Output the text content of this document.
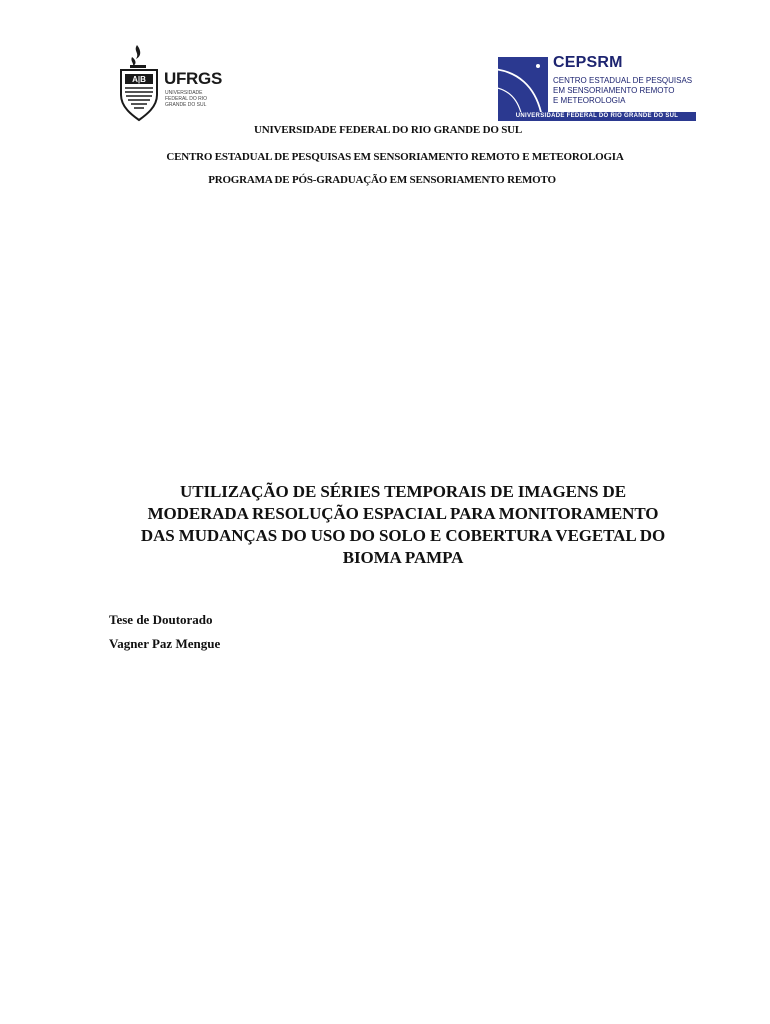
A|B UFRGS
UNIVERSIDADE FEDERAL DO RIO GRANDE DO SUL
CEPSRM
CENTRO ESTADUAL DE PESQUISAS
EM SENSORIAMENTO REMOTO
E METEOROLOGIA
UNIVERSIDADE FEDERAL DO RIO GRANDE DO SUL
UNIVERSIDADE FEDERAL DO RIO GRANDE DO SUL
CENTRO ESTADUAL DE PESQUISAS EM SENSORIAMENTO REMOTO E METEOROLOGIA
PROGRAMA DE PÓS-GRADUAÇÃO EM SENSORIAMENTO REMOTO
UTILIZAÇÃO DE SÉRIES TEMPORAIS DE IMAGENS DE
MODERADA RESOLUÇÃO ESPACIAL PARA MONITORAMENTO
DAS MUDANÇAS DO USO DO SOLO E COBERTURA VEGETAL DO
BIOMA PAMPA
Tese de Doutorado
Vagner Paz Mengue
